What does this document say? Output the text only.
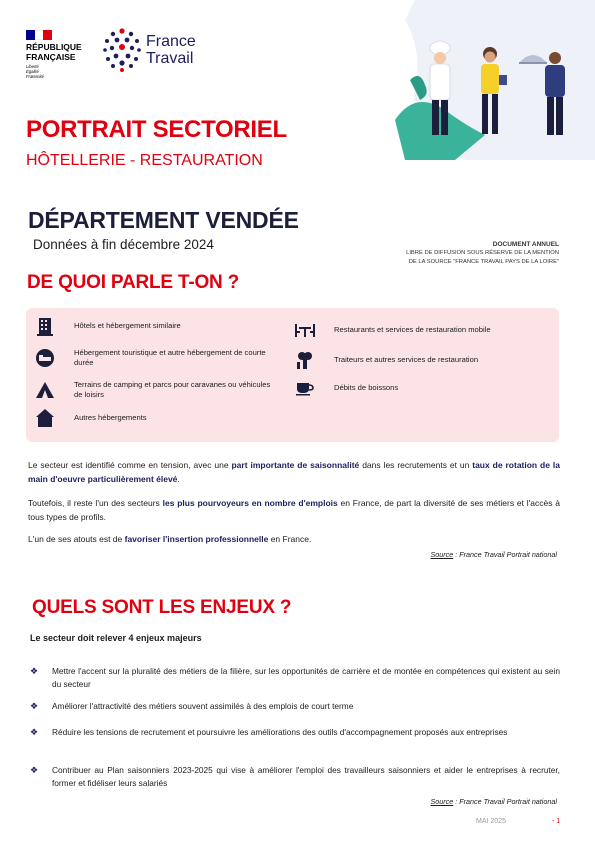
RÉPUBLIQUE
FRANÇAISE
Liberté
Égalité
Fraternité
France
Travail
PORTRAIT SECTORIEL
HÔTELLERIE - RESTAURATION
DÉPARTEMENT VENDÉE
Données à fin décembre 2024	DOCUMENT ANNUEL
LIBRE DE DIFFUSION SOUS RÉSERVE DE LA MENTION
DE LA SOURCE "FRANCE TRAVAIL PAYS DE LA LOIRE"
DE QUOI PARLE T-ON ?
Hôtels et hébergement similaire
Hébergement touristique et autre hébergement de courte durée
Terrains de camping et parcs pour caravanes ou véhicules de loisirs
Autres hébergements
Restaurants et services de restauration mobile
Traiteurs et autres services de restauration
Débits de boissons
Le secteur est identifié comme en tension, avec une part importante de saisonnalité dans les recrutements et un taux de rotation de la main d'oeuvre particulièrement élevé.
Toutefois, il reste l'un des secteurs les plus pourvoyeurs en nombre d'emplois en France, de part la diversité de ses métiers et l'accès à tous types de profils.
L'un de ses atouts est de favoriser l'insertion professionnelle en France.
Source : France Travail Portrait national
QUELS SONT LES ENJEUX ?
Le secteur doit relever 4 enjeux majeurs
❖	Mettre l'accent sur la pluralité des métiers de la filière, sur les opportunités de carrière et de montée en compétences qui existent au sein du secteur
❖	Améliorer l'attractivité des métiers souvent assimilés à des emplois de court terme
❖	Réduire les tensions de recrutement et poursuivre les améliorations des outils d'accompagnement proposés aux entreprises
❖	Contribuer au Plan saisonniers 2023-2025 qui vise à améliorer l'emploi des travailleurs saisonniers et aider le entreprises à recruter, former et fidéliser leurs salariés
Source : France Travail Portrait national
MAI 2025	- 1
